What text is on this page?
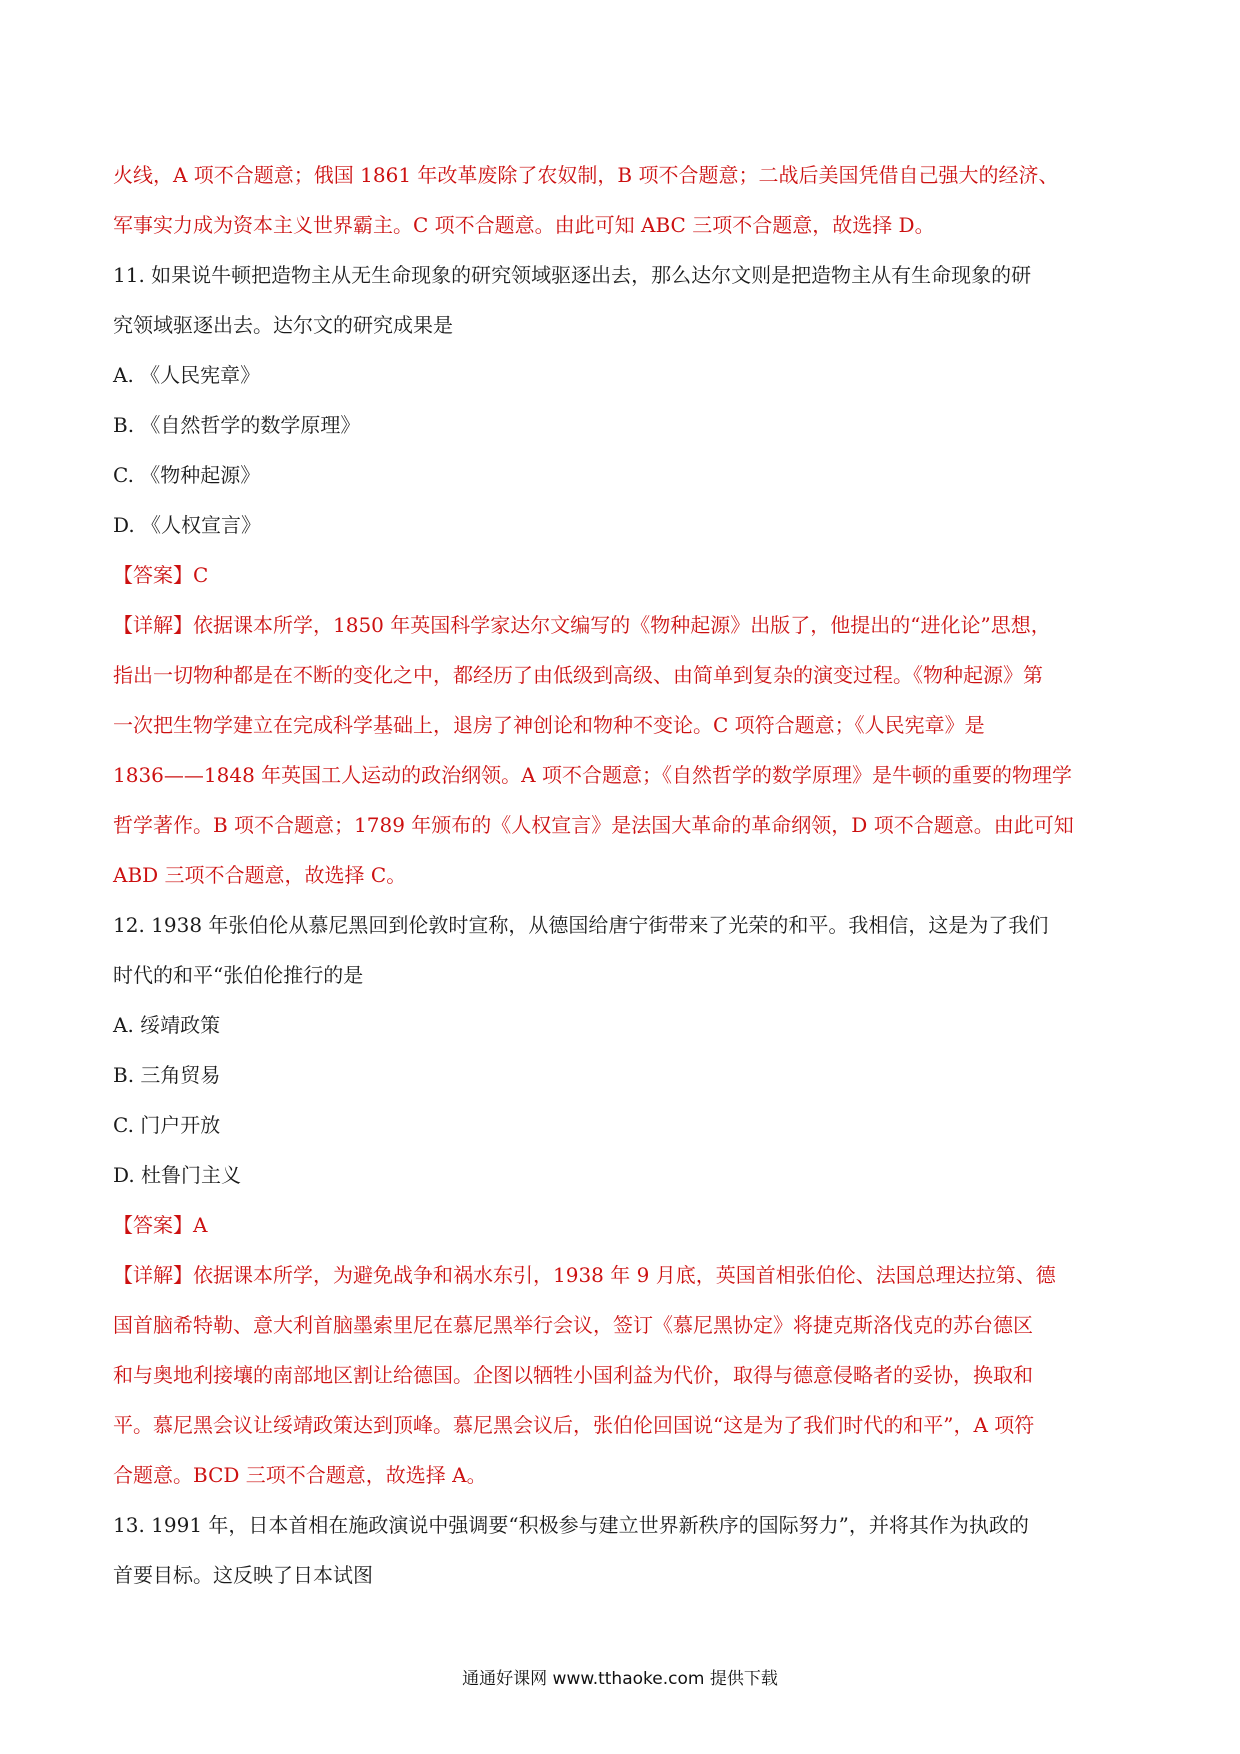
火线，A 项不合题意；俄国 1861 年改革废除了农奴制，B 项不合题意；二战后美国凭借自己强大的经济、
军事实力成为资本主义世界霸主。C 项不合题意。由此可知 ABC 三项不合题意，故选择 D。
11. 如果说牛顿把造物主从无生命现象的研究领域驱逐出去，那么达尔文则是把造物主从有生命现象的研
究领域驱逐出去。达尔文的研究成果是
A. 《人民宪章》
B. 《自然哲学的数学原理》
C. 《物种起源》
D. 《人权宣言》
【答案】C
【详解】依据课本所学，1850 年英国科学家达尔文编写的《物种起源》出版了，他提出的“进化论”思想，
指出一切物种都是在不断的变化之中，都经历了由低级到高级、由简单到复杂的演变过程。《物种起源》第
一次把生物学建立在完成科学基础上，退房了神创论和物种不变论。C 项符合题意；《人民宪章》是
1836——1848 年英国工人运动的政治纲领。A 项不合题意；《自然哲学的数学原理》是牛顿的重要的物理学
哲学著作。B 项不合题意；1789 年颁布的《人权宣言》是法国大革命的革命纲领，D 项不合题意。由此可知
ABD 三项不合题意，故选择 C。
12. 1938 年张伯伦从慕尼黑回到伦敦时宣称，从德国给唐宁街带来了光荣的和平。我相信，这是为了我们
时代的和平“张伯伦推行的是
A. 绥靖政策
B. 三角贸易
C. 门户开放
D. 杜鲁门主义
【答案】A
【详解】依据课本所学，为避免战争和祸水东引，1938 年 9 月底，英国首相张伯伦、法国总理达拉第、德
国首脑希特勒、意大利首脑墨索里尼在慕尼黑举行会议，签订《慕尼黑协定》将捷克斯洛伐克的苏台德区
和与奥地利接壤的南部地区割让给德国。企图以牺牲小国利益为代价，取得与德意侵略者的妥协，换取和
平。慕尼黑会议让绥靖政策达到顶峰。慕尼黑会议后，张伯伦回国说“这是为了我们时代的和平”，A 项符
合题意。BCD 三项不合题意，故选择 A。
13. 1991 年，日本首相在施政演说中强调要“积极参与建立世界新秩序的国际努力”，并将其作为执政的
首要目标。这反映了日本试图
通通好课网 www.tthaoke.com 提供下载
